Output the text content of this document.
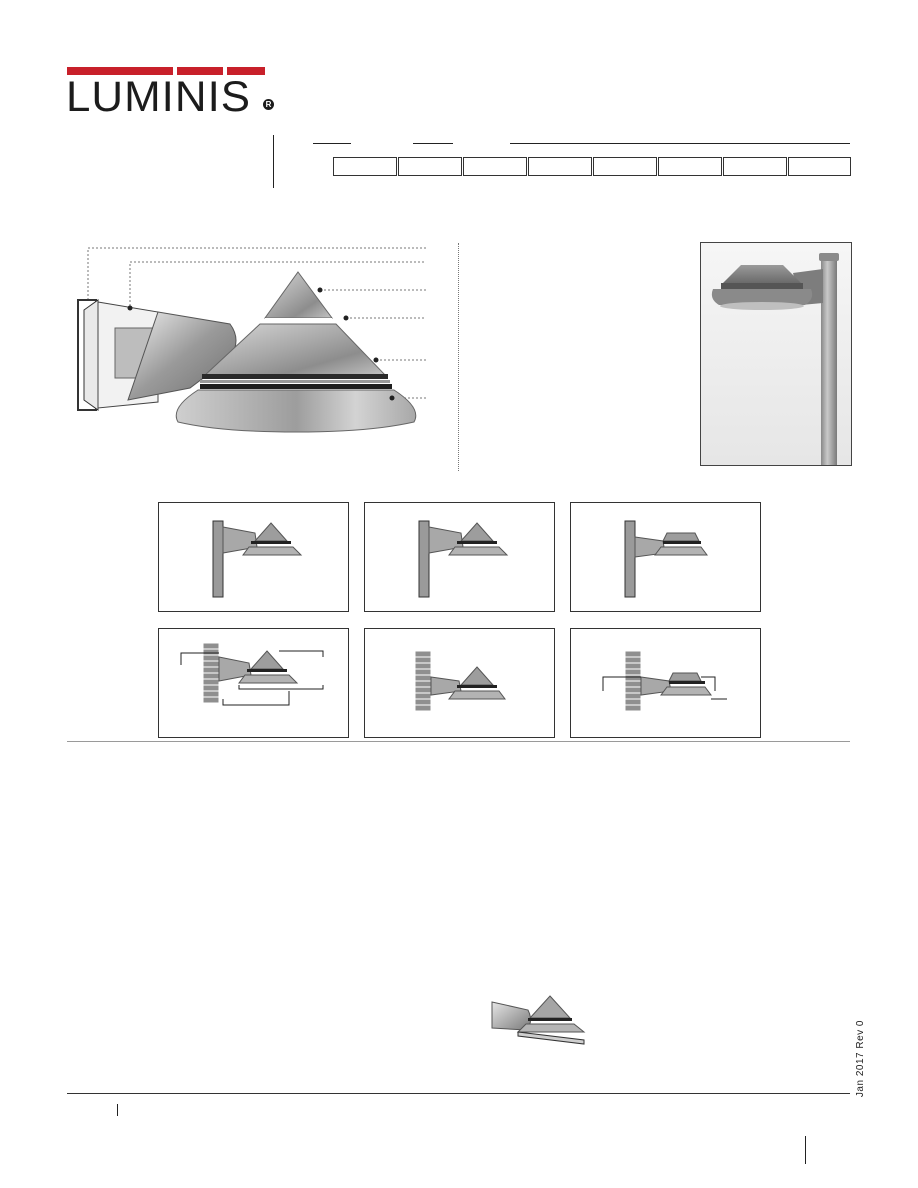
LUMINIS	R
Jan 2017 Rev 0
